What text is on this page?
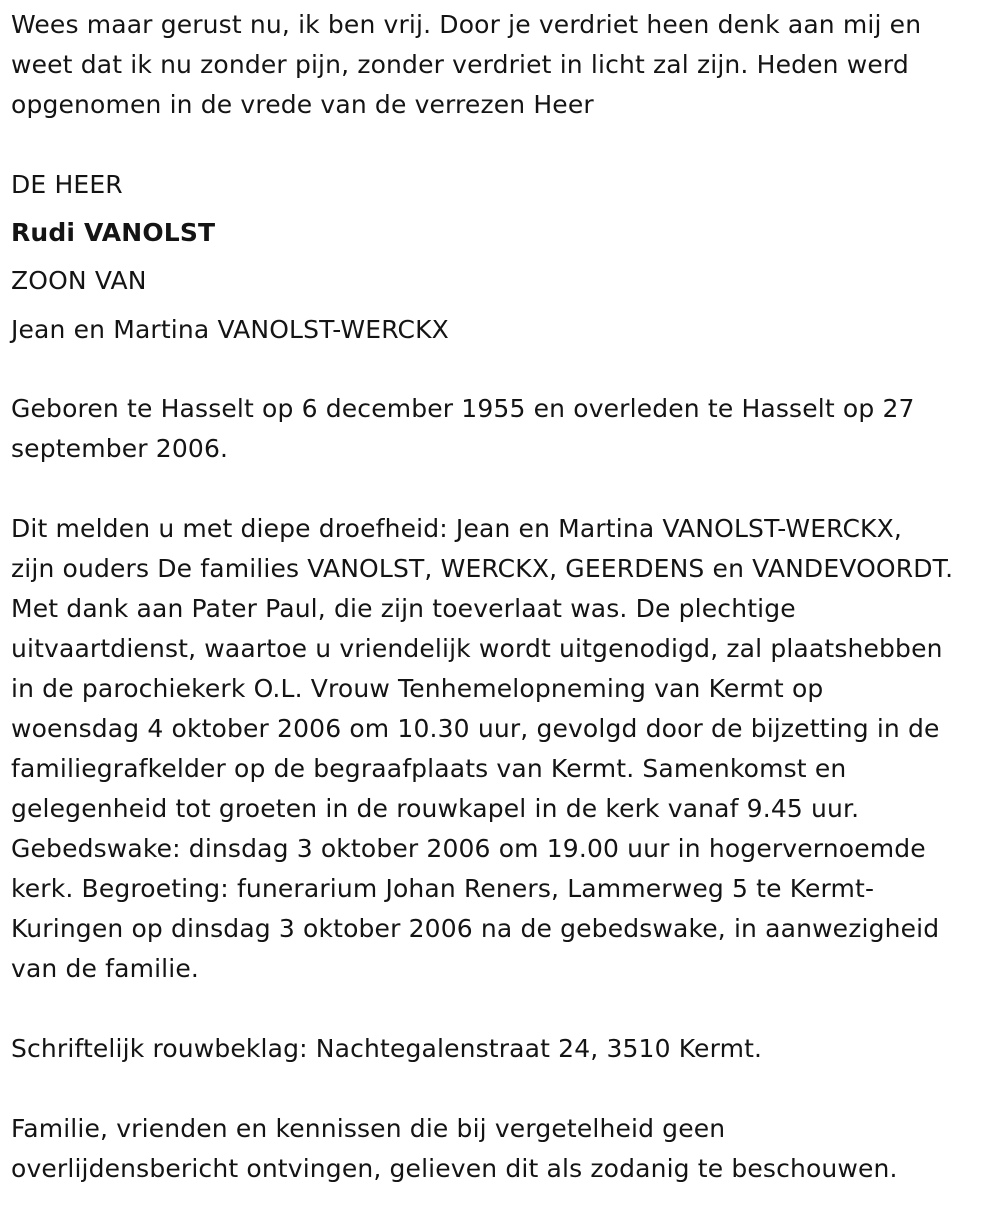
Wees maar gerust nu, ik ben vrij. Door je verdriet heen denk aan mij en
weet dat ik nu zonder pijn, zonder verdriet in licht zal zijn. Heden werd
opgenomen in de vrede van de verrezen Heer
DE HEER
Rudi VANOLST
ZOON VAN
Jean en Martina VANOLST-WERCKX
Geboren te Hasselt op 6 december 1955 en overleden te Hasselt op 27
september 2006.
Dit melden u met diepe droefheid: Jean en Martina VANOLST-WERCKX,
zijn ouders De families VANOLST, WERCKX, GEERDENS en VANDEVOORDT.
Met dank aan Pater Paul, die zijn toeverlaat was. De plechtige
uitvaartdienst, waartoe u vriendelijk wordt uitgenodigd, zal plaatshebben
in de parochiekerk O.L. Vrouw Tenhemelopneming van Kermt op
woensdag 4 oktober 2006 om 10.30 uur, gevolgd door de bijzetting in de
familiegrafkelder op de begraafplaats van Kermt. Samenkomst en
gelegenheid tot groeten in de rouwkapel in de kerk vanaf 9.45 uur.
Gebedswake: dinsdag 3 oktober 2006 om 19.00 uur in hogervernoemde
kerk. Begroeting: funerarium Johan Reners, Lammerweg 5 te Kermt-
Kuringen op dinsdag 3 oktober 2006 na de gebedswake, in aanwezigheid
van de familie.
Schriftelijk rouwbeklag: Nachtegalenstraat 24, 3510 Kermt.
Familie, vrienden en kennissen die bij vergetelheid geen
overlijdensbericht ontvingen, gelieven dit als zodanig te beschouwen.
